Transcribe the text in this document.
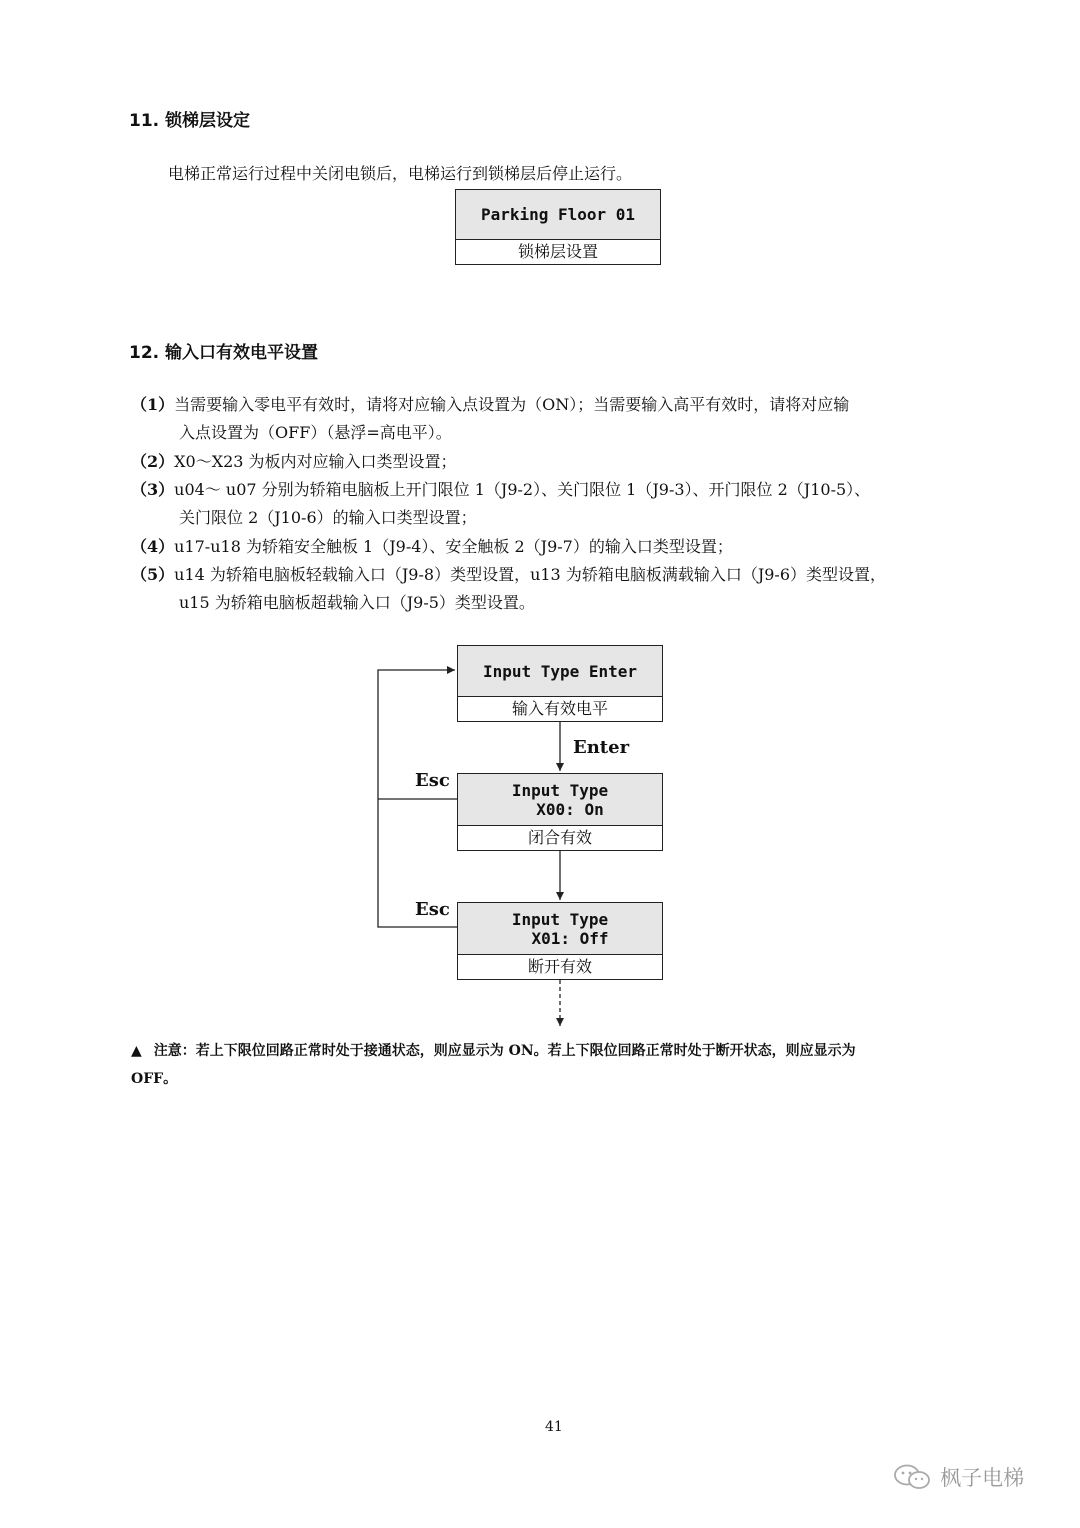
11. 锁梯层设定
电梯正常运行过程中关闭电锁后，电梯运行到锁梯层后停止运行。
Parking Floor 01
锁梯层设置
12. 输入口有效电平设置
（1）当需要输入零电平有效时，请将对应输入点设置为（ON）；当需要输入高平有效时，请将对应输
入点设置为（OFF）（悬浮=高电平）。
（2）X0～X23 为板内对应输入口类型设置；
（3）u04～ u07 分别为轿箱电脑板上开门限位 1（J9-2）、关门限位 1（J9-3）、开门限位 2（J10-5）、
关门限位 2（J10-6）的输入口类型设置；
（4）u17-u18 为轿箱安全触板 1（J9-4）、安全触板 2（J9-7）的输入口类型设置；
（5）u14 为轿箱电脑板轻载输入口（J9-8）类型设置，u13 为轿箱电脑板满载输入口（J9-6）类型设置，
u15 为轿箱电脑板超载输入口（J9-5）类型设置。
Input Type Enter
输入有效电平
Enter
Input Type
X00: On
闭合有效
Input Type
X01: Off
断开有效
Esc
Esc
▲ 注意：若上下限位回路正常时处于接通状态，则应显示为 ON。若上下限位回路正常时处于断开状态，则应显示为
OFF。
41
枫子电梯
